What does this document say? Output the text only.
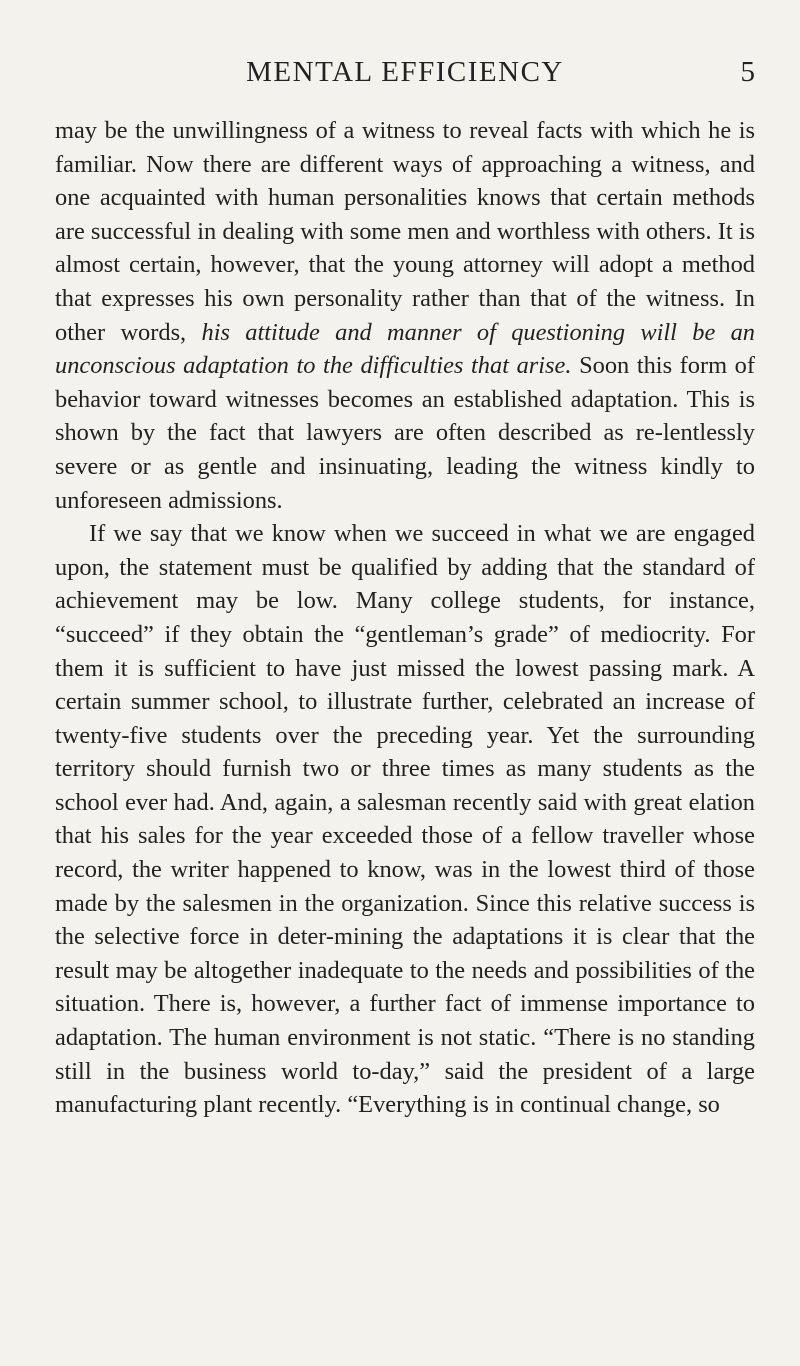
MENTAL EFFICIENCY	5

may be the unwillingness of a witness to reveal facts with which he is familiar. Now there are different ways of approaching a witness, and one acquainted with human personalities knows that certain methods are successful in dealing with some men and worthless with others. It is almost certain, however, that the young attorney will adopt a method that expresses his own personality rather than that of the witness. In other words, his attitude and manner of questioning will be an unconscious adaptation to the difficulties that arise. Soon this form of behavior toward witnesses becomes an established adaptation. This is shown by the fact that lawyers are often described as re-lentlessly severe or as gentle and insinuating, leading the witness kindly to unforeseen admissions.

If we say that we know when we succeed in what we are engaged upon, the statement must be qualified by adding that the standard of achievement may be low. Many college students, for instance, “succeed” if they obtain the “gentleman’s grade” of mediocrity. For them it is sufficient to have just missed the lowest passing mark. A certain summer school, to illustrate further, celebrated an increase of twenty-five students over the preceding year. Yet the surrounding territory should furnish two or three times as many students as the school ever had. And, again, a salesman recently said with great elation that his sales for the year exceeded those of a fellow traveller whose record, the writer happened to know, was in the lowest third of those made by the salesmen in the organization. Since this relative success is the selective force in deter-mining the adaptations it is clear that the result may be altogether inadequate to the needs and possibilities of the situation. There is, however, a further fact of immense importance to adaptation. The human environment is not static. “There is no standing still in the business world to-day,” said the president of a large manufacturing plant recently. “Everything is in continual change, so
